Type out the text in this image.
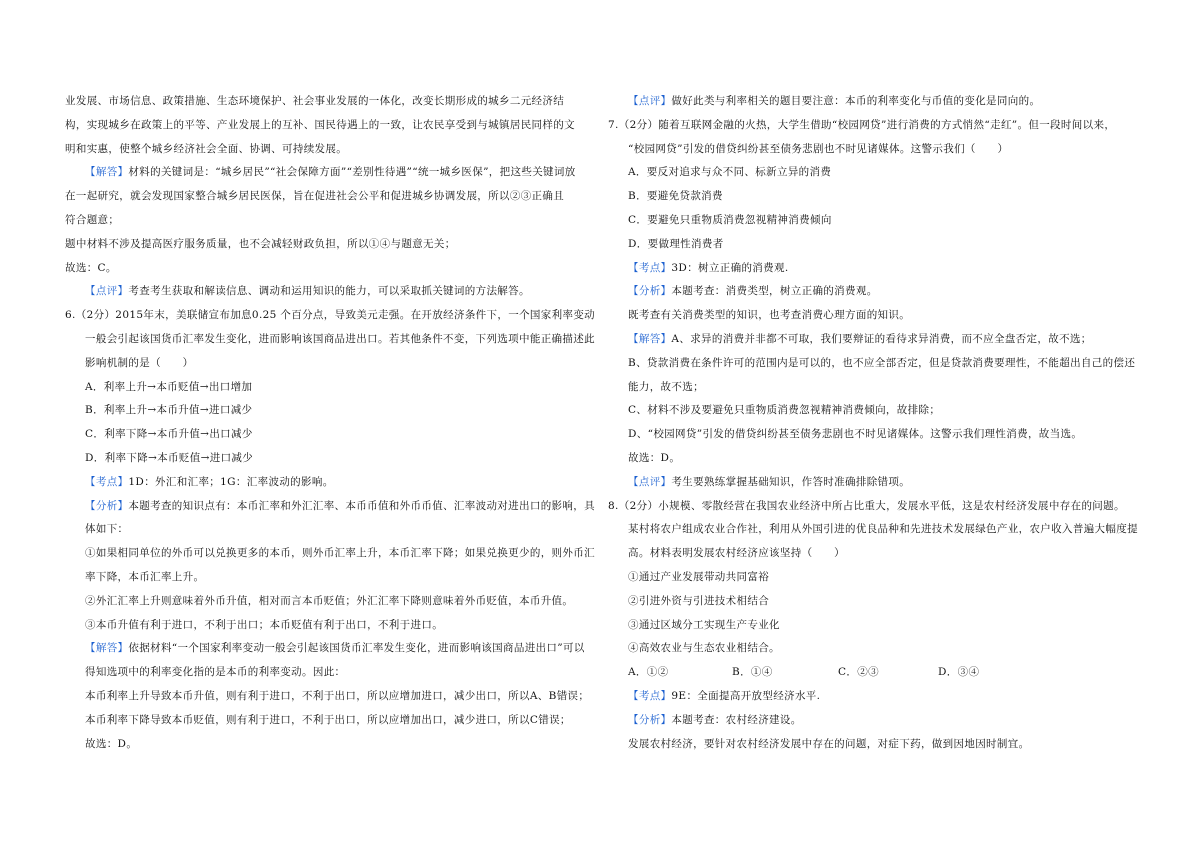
业发展、市场信息、政策措施、生态环境保护、社会事业发展的一体化，改变长期形成的城乡二元经济结
构，实现城乡在政策上的平等、产业发展上的互补、国民待遇上的一致，让农民享受到与城镇居民同样的文
明和实惠，使整个城乡经济社会全面、协调、可持续发展。
【解答】材料的关键词是：“城乡居民”“社会保障方面”“差别性待遇”“统一城乡医保”，把这些关键词放
在一起研究，就会发现国家整合城乡居民医保，旨在促进社会公平和促进城乡协调发展，所以②③正确且
符合题意；
题中材料不涉及提高医疗服务质量，也不会减轻财政负担，所以①④与题意无关；
故选：C。
【点评】考查考生获取和解读信息、调动和运用知识的能力，可以采取抓关键词的方法解答。
6.（2分）2015年末，美联储宣布加息0.25 个百分点，导致美元走强。在开放经济条件下，一个国家利率变动
一般会引起该国货币汇率发生变化，进而影响该国商品进出口。若其他条件不变，下列选项中能正确描述此
影响机制的是（　　）
A．利率上升→本币贬值→出口增加
B．利率上升→本币升值→进口减少
C．利率下降→本币升值→出口减少
D．利率下降→本币贬值→进口减少
【考点】1D：外汇和汇率；1G：汇率波动的影响。
【分析】本题考查的知识点有：本币汇率和外汇汇率、本币币值和外币币值、汇率波动对进出口的影响，具
体如下：
①如果相同单位的外币可以兑换更多的本币，则外币汇率上升，本币汇率下降；如果兑换更少的，则外币汇
率下降，本币汇率上升。
②外汇汇率上升则意味着外币升值，相对而言本币贬值；外汇汇率下降则意味着外币贬值，本币升值。
③本币升值有利于进口，不利于出口；本币贬值有利于出口，不利于进口。
【解答】依据材料“一个国家利率变动一般会引起该国货币汇率发生变化，进而影响该国商品进出口”可以
得知选项中的利率变化指的是本币的利率变动。因此：
本币利率上升导致本币升值，则有利于进口，不利于出口，所以应增加进口，减少出口，所以A、B错误；
本币利率下降导致本币贬值，则有利于进口，不利于出口，所以应增加出口，减少进口，所以C错误；
故选：D。
【点评】做好此类与利率相关的题目要注意：本币的利率变化与币值的变化是同向的。
7.（2分）随着互联网金融的火热，大学生借助“校园网贷”进行消费的方式悄然“走红”。但一段时间以来，
“校园网贷”引发的借贷纠纷甚至债务悲剧也不时见诸媒体。这警示我们（　　）
A．要反对追求与众不同、标新立异的消费
B．要避免贷款消费
C．要避免只重物质消费忽视精神消费倾向
D．要做理性消费者
【考点】3D：树立正确的消费观.
【分析】本题考查：消费类型，树立正确的消费观。
既考查有关消费类型的知识，也考查消费心理方面的知识。
【解答】A、求异的消费并非都不可取，我们要辩证的看待求异消费，而不应全盘否定，故不选；
B、贷款消费在条件许可的范围内是可以的，也不应全部否定，但是贷款消费要理性，不能超出自己的偿还
能力，故不选；
C、材料不涉及要避免只重物质消费忽视精神消费倾向，故排除；
D、“校园网贷”引发的借贷纠纷甚至债务悲剧也不时见诸媒体。这警示我们理性消费，故当选。
故选：D。
【点评】考生要熟练掌握基础知识，作答时准确排除错项。
8.（2分）小规模、零散经营在我国农业经济中所占比重大，发展水平低，这是农村经济发展中存在的问题。
某村将农户组成农业合作社，利用从外国引进的优良品种和先进技术发展绿色产业，农户收入普遍大幅度提
高。材料表明发展农村经济应该坚持（　　）
①通过产业发展带动共同富裕
②引进外资与引进技术相结合
③通过区域分工实现生产专业化
④高效农业与生态农业相结合。
A．①②	B．①④	C．②③	D．③④
【考点】9E：全面提高开放型经济水平.
【分析】本题考查：农村经济建设。
发展农村经济，要针对农村经济发展中存在的问题，对症下药，做到因地因时制宜。
